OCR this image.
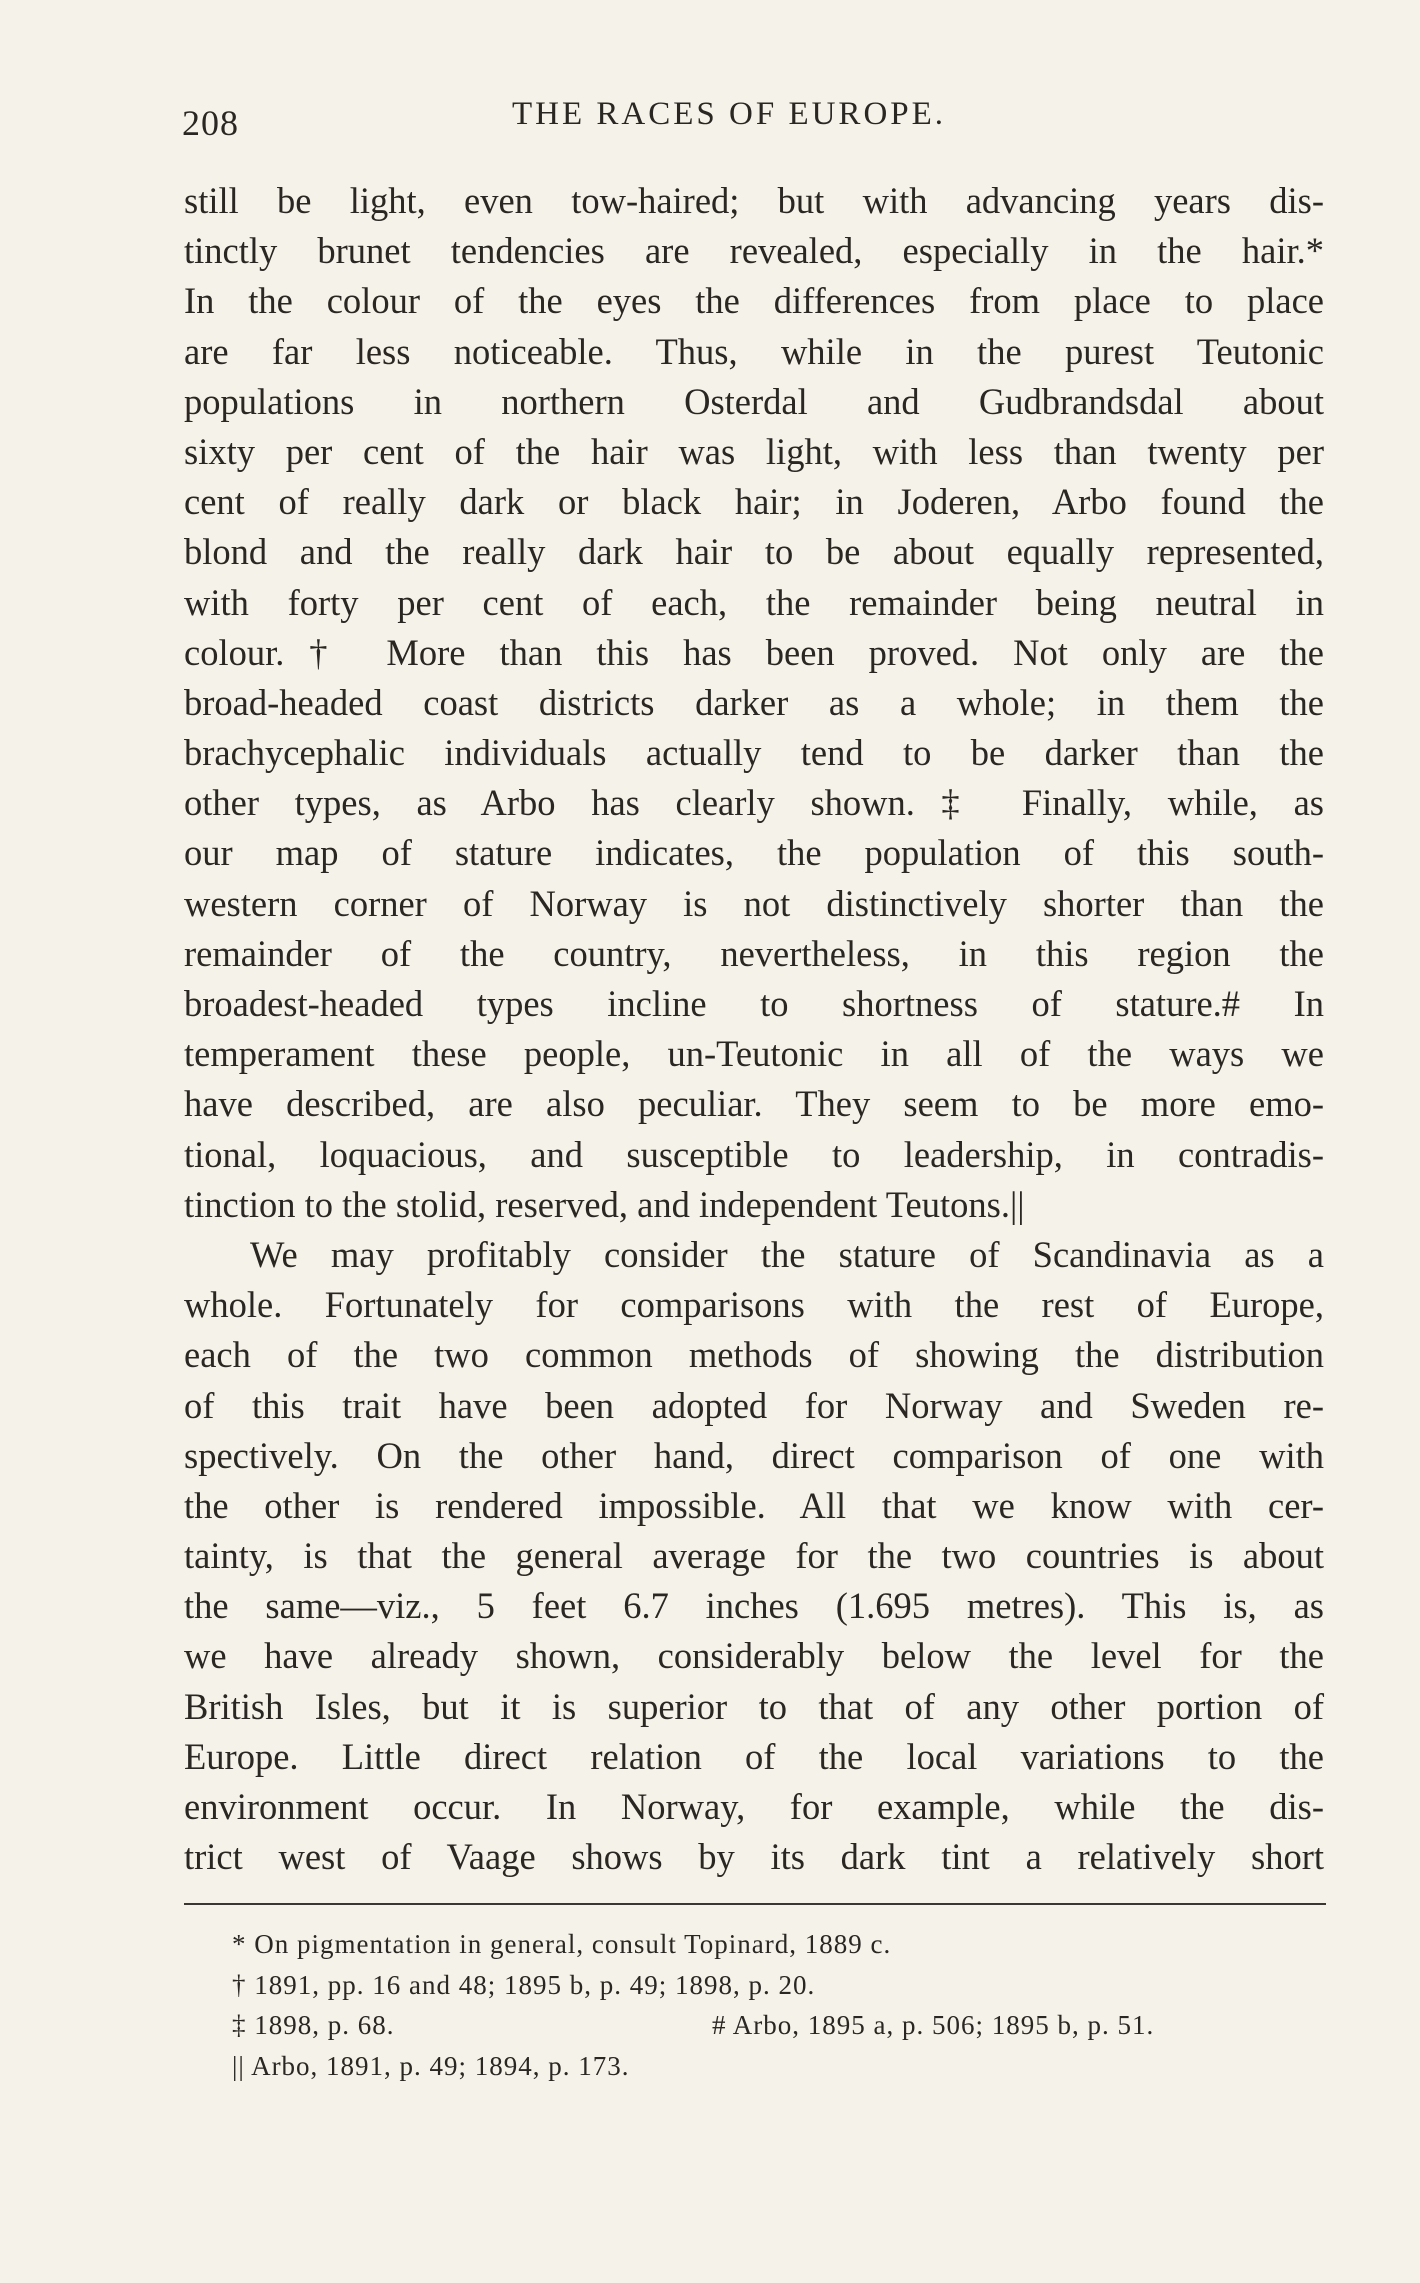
208	THE RACES OF EUROPE.
still be light, even tow-haired; but with advancing years dis-
tinctly brunet tendencies are revealed, especially in the hair.*
In the colour of the eyes the differences from place to place
are far less noticeable. Thus, while in the purest Teutonic
populations in northern Osterdal and Gudbrandsdal about
sixty per cent of the hair was light, with less than twenty per
cent of really dark or black hair; in Joderen, Arbo found the
blond and the really dark hair to be about equally represented,
with forty per cent of each, the remainder being neutral in
colour.† More than this has been proved. Not only are the
broad-headed coast districts darker as a whole; in them the
brachycephalic individuals actually tend to be darker than the
other types, as Arbo has clearly shown.‡ Finally, while, as
our map of stature indicates, the population of this south-
western corner of Norway is not distinctively shorter than the
remainder of the country, nevertheless, in this region the
broadest-headed types incline to shortness of stature.# In
temperament these people, un-Teutonic in all of the ways we
have described, are also peculiar. They seem to be more emo-
tional, loquacious, and susceptible to leadership, in contradis-
tinction to the stolid, reserved, and independent Teutons.||
We may profitably consider the stature of Scandinavia as a
whole. Fortunately for comparisons with the rest of Europe,
each of the two common methods of showing the distribution
of this trait have been adopted for Norway and Sweden re-
spectively. On the other hand, direct comparison of one with
the other is rendered impossible. All that we know with cer-
tainty, is that the general average for the two countries is about
the same—viz., 5 feet 6.7 inches (1.695 metres). This is, as
we have already shown, considerably below the level for the
British Isles, but it is superior to that of any other portion of
Europe. Little direct relation of the local variations to the
environment occur. In Norway, for example, while the dis-
trict west of Vaage shows by its dark tint a relatively short
* On pigmentation in general, consult Topinard, 1889 c.
† 1891, pp. 16 and 48; 1895 b, p. 49; 1898, p. 20.
‡ 1898, p. 68.	# Arbo, 1895 a, p. 506; 1895 b, p. 51.
|| Arbo, 1891, p. 49; 1894, p. 173.
